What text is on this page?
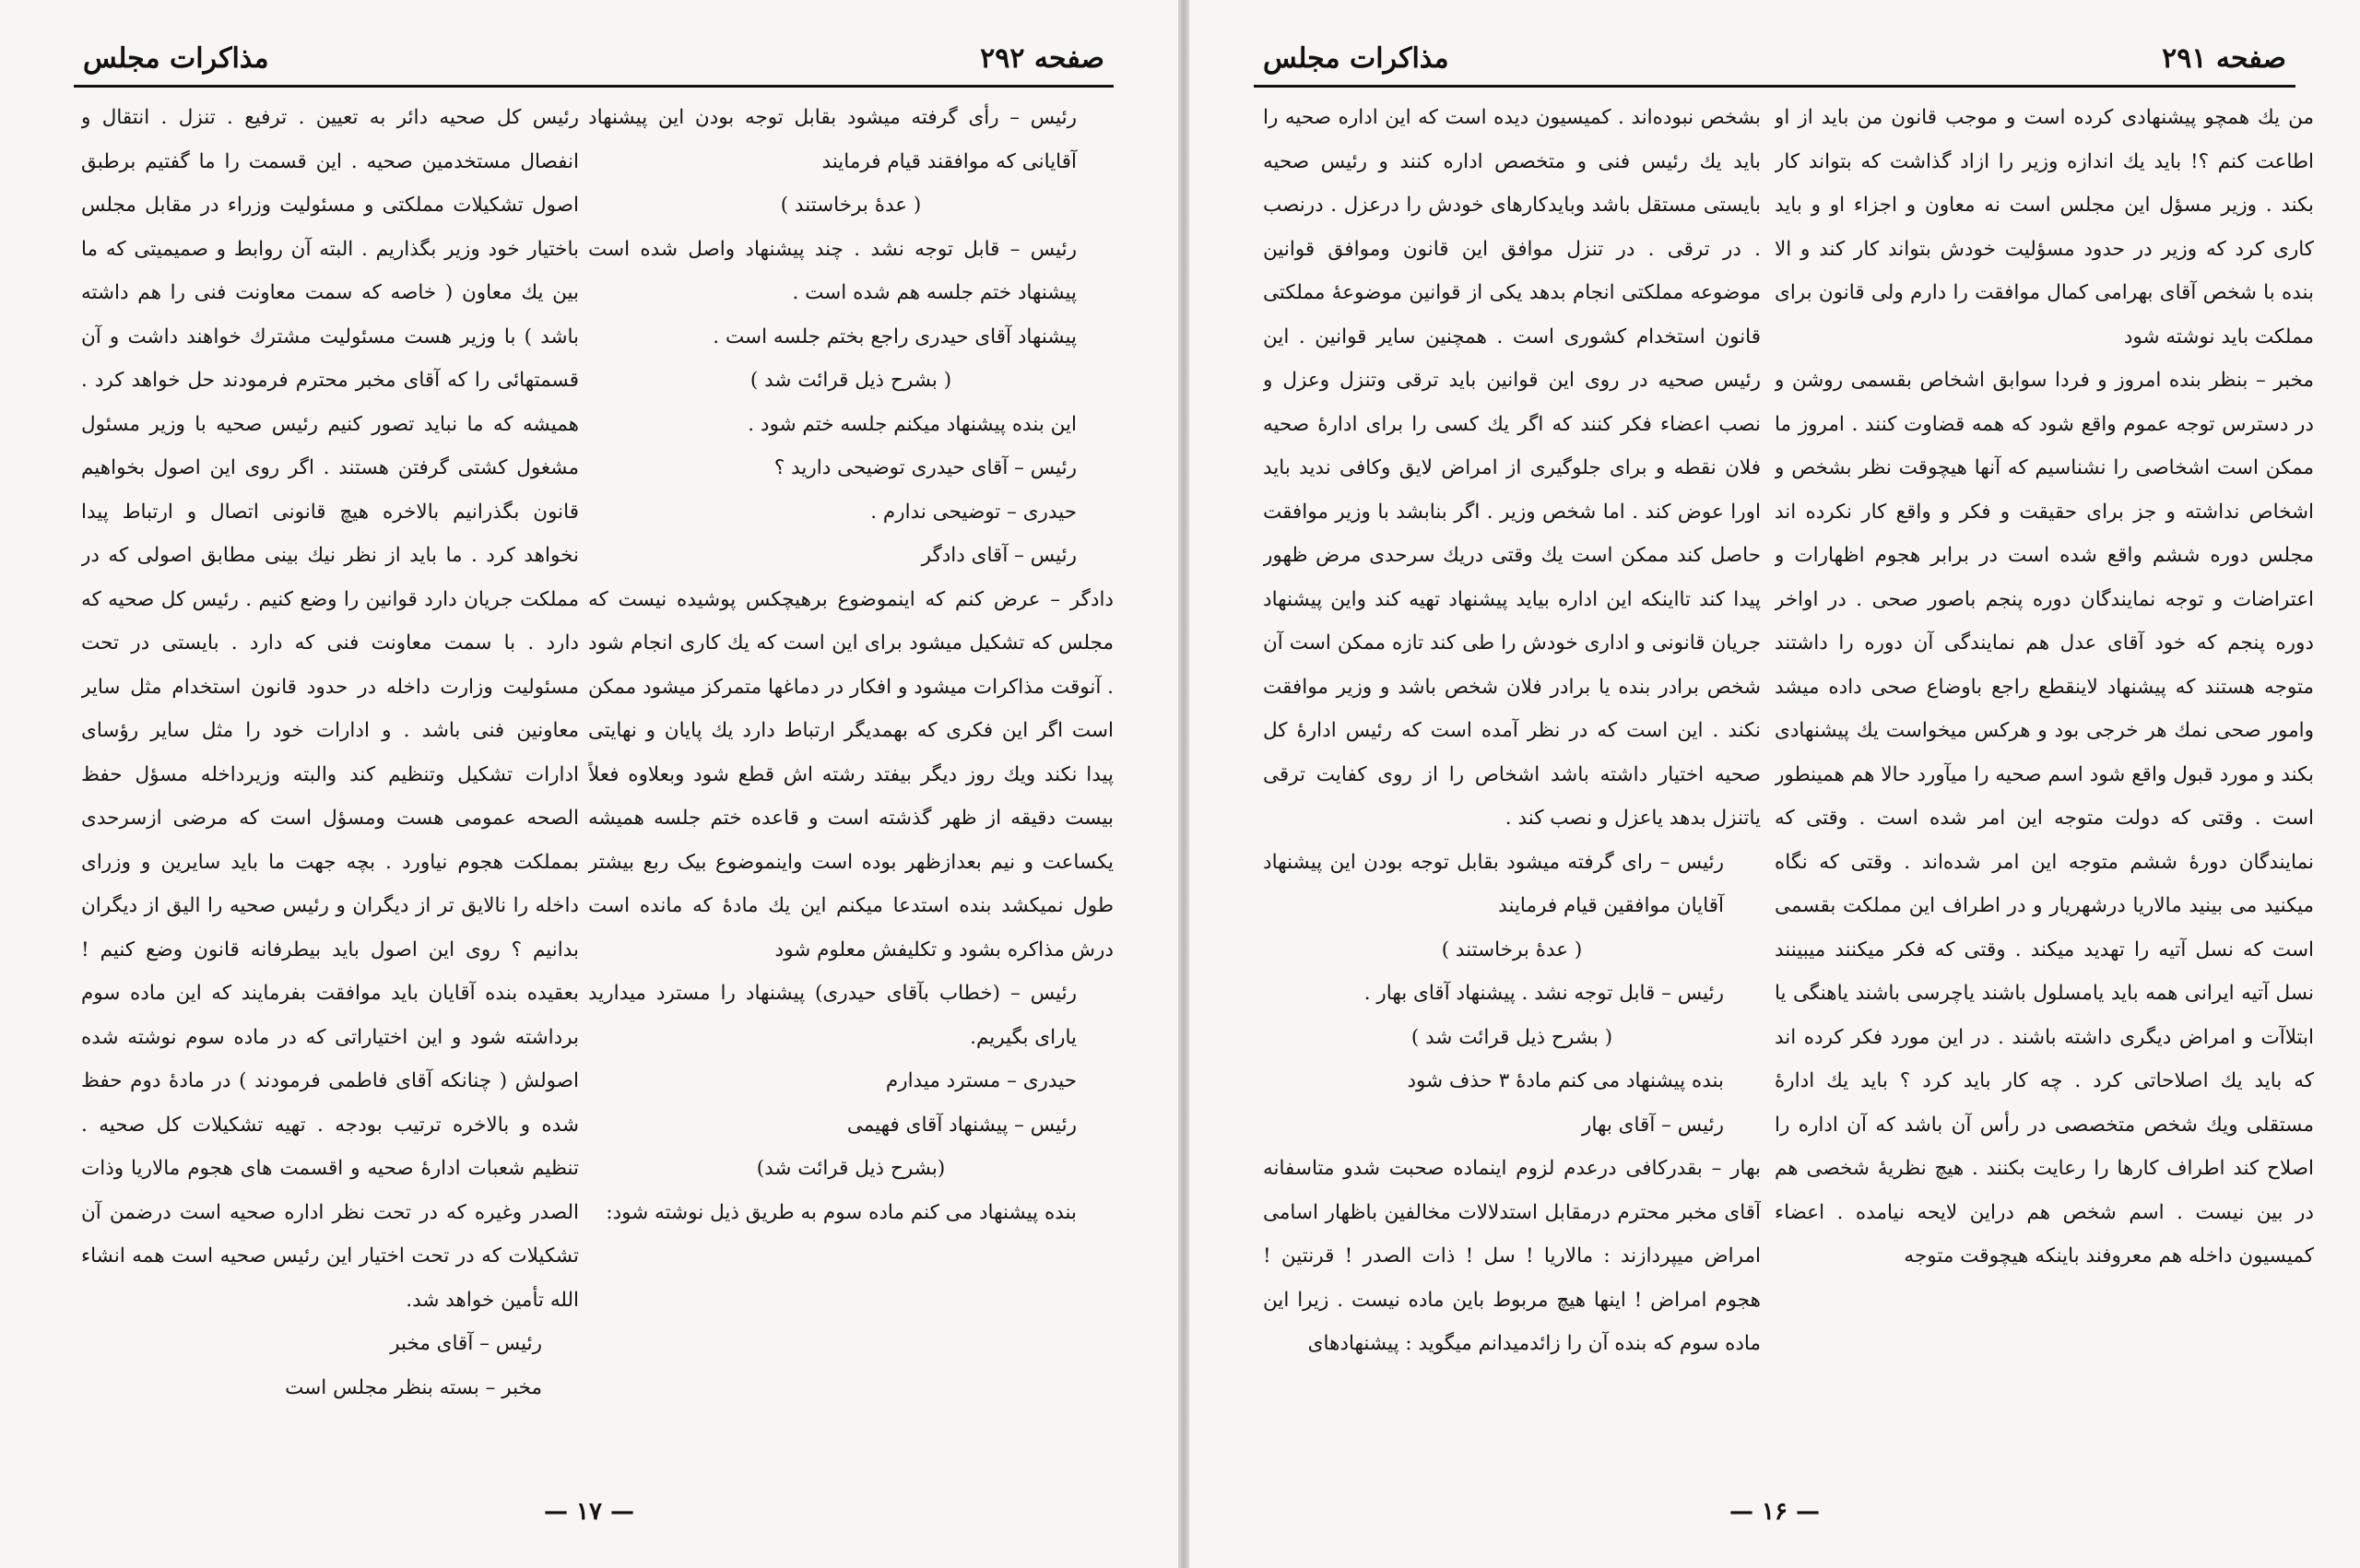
صفحه ۲۹۲
مذاکرات مجلس

رئیس کل صحیه دائر به تعیین . ترفیع . تنزل . انتقال و انفصال مستخدمین صحیه . این قسمت را ما گفتیم برطبق اصول تشکیلات مملکتی و مسئولیت وزراء در مقابل مجلس باختیار خود وزیر بگذاریم . البته آن روابط و صمیمیتی که ما بین یك معاون ( خاصه که سمت معاونت فنی را هم داشته باشد ) با وزیر هست مسئولیت مشترك خواهند داشت و آن قسمتهائی را که آقای مخبر محترم فرمودند حل خواهد کرد . همیشه که ما نباید تصور کنیم رئیس صحیه با وزیر مسئول مشغول کشتی گرفتن هستند . اگر روی این اصول بخواهیم قانون بگذرانیم بالاخره هیچ قانونی اتصال و ارتباط پیدا نخواهد کرد . ما باید از نظر نیك بینی مطابق اصولی که در مملکت جریان دارد قوانین را وضع کنیم . رئیس کل صحیه که دارد . با سمت معاونت فنی که دارد . بایستی در تحت مسئولیت وزارت داخله در حدود قانون استخدام مثل سایر معاونین فنی باشد . و ادارات خود را مثل سایر رؤسای ادارات تشکیل وتنظیم کند والبته وزیرداخله مسؤل حفظ الصحه عمومی هست ومسؤل است که مرضی ازسرحدی بمملکت هجوم نیاورد . بچه جهت ما باید سایرین و وزرای داخله را نالایق تر از دیگران و رئیس صحیه را الیق از دیگران بدانیم ؟ روی این اصول باید بیطرفانه قانون وضع کنیم ! بعقیده بنده آقایان باید موافقت بفرمایند که این ماده سوم برداشته شود و این اختیاراتی که در ماده سوم نوشته شده اصولش ( چنانکه آقای فاطمی فرمودند ) در مادهٔ دوم حفظ شده و بالاخره ترتیب بودجه . تهیه تشکیلات کل صحیه . تنظیم شعبات ادارهٔ صحیه و اقسمت های هجوم مالاریا وذات الصدر وغیره که در تحت نظر اداره صحیه است درضمن آن تشکیلات که در تحت اختیار این رئیس صحیه است همه انشاء الله تأمین خواهد شد.

رئیس – آقای مخبر

مخبر – بسته بنظر مجلس است

رئیس – رأی گرفته میشود بقابل توجه بودن این پیشنهاد آقایانی که موافقند قیام فرمایند

( عدهٔ برخاستند )

رئیس – قابل توجه نشد . چند پیشنهاد واصل شده است پیشنهاد ختم جلسه هم شده است .

پیشنهاد آقای حیدری راجع بختم جلسه است .

( بشرح ذیل قرائت شد )

این بنده پیشنهاد میکنم جلسه ختم شود .

رئیس – آقای حیدری توضیحی دارید ؟

حیدری – توضیحی ندارم .

رئیس – آقای دادگر

دادگر – عرض کنم که اینموضوع برهیچکس پوشیده نیست که مجلس که تشکیل میشود برای این است که یك کاری انجام شود . آنوقت مذاکرات میشود و افکار در دماغها متمرکز میشود ممکن است اگر این فکری که بهمدیگر ارتباط دارد یك پایان و نهایتی پیدا نکند ویك روز دیگر بیفتد رشته اش قطع شود وبعلاوه فعلاً بیست دقیقه از ظهر گذشته است و قاعده ختم جلسه همیشه یکساعت و نیم بعدازظهر بوده است واینموضوع بیک ربع بیشتر طول نمیکشد بنده استدعا میکنم این یك مادهٔ که مانده است درش مذاکره بشود و تکلیفش معلوم شود

رئیس – (خطاب بآقای حیدری) پیشنهاد را مسترد میدارید یارای بگیریم.

حیدری – مسترد میدارم

رئیس – پیشنهاد آقای فهیمی

(بشرح ذیل قرائت شد)

بنده پیشنهاد می کنم ماده سوم به طریق ذیل نوشته شود:

— ۱۷ —
صفحه ۲۹۱
مذاکرات مجلس

بشخص نبوده‌اند . کمیسیون دیده است که این اداره صحیه را باید یك رئیس فنی و متخصص اداره کنند و رئیس صحیه بایستی مستقل باشد وبایدکارهای خودش را درعزل . درنصب . در ترقی . در تنزل موافق این قانون وموافق قوانین موضوعه مملکتی انجام بدهد یکی از قوانین موضوعهٔ مملکتی قانون استخدام کشوری است . همچنین سایر قوانین . این رئیس صحیه در روی این قوانین باید ترقی وتنزل وعزل و نصب اعضاء فکر کنند که اگر یك کسی را برای ادارهٔ صحیه فلان نقطه و برای جلوگیری از امراض لایق وکافی ندید باید اورا عوض کند . اما شخص وزیر . اگر بنابشد با وزیر موافقت حاصل کند ممکن است یك وقتی دریك سرحدی مرض ظهور پیدا کند تااینکه این اداره بیاید پیشنهاد تهیه کند واین پیشنهاد جریان قانونی و اداری خودش را طی کند تازه ممکن است آن شخص برادر بنده یا برادر فلان شخص باشد و وزیر موافقت نکند . این است که در نظر آمده است که رئیس ادارهٔ کل صحیه اختیار داشته باشد اشخاص را از روی کفایت ترقی یاتنزل بدهد یاعزل و نصب کند .

رئیس – رای گرفته میشود بقابل توجه بودن این پیشنهاد آقایان موافقین قیام فرمایند

( عدهٔ برخاستند )

رئیس – قابل توجه نشد . پیشنهاد آقای بهار .

( بشرح ذیل قرائت شد )

بنده پیشنهاد می کنم مادهٔ ۳ حذف شود

رئیس – آقای بهار

بهار – بقدرکافی درعدم لزوم اینماده صحبت شدو متاسفانه آقای مخبر محترم درمقابل استدلالات مخالفین باظهار اسامی امراض میپردازند : مالاریا ! سل ! ذات الصدر ! قرنتین ! هجوم امراض ! اینها هیچ مربوط باین ماده نیست . زیرا این ماده سوم که بنده آن را زائدمیدانم میگوید : پیشنهادهای

من یك همچو پیشنهادی کرده است و موجب قانون من باید از او اطاعت کنم ؟! باید یك اندازه وزیر را ازاد گذاشت که بتواند کار بکند . وزیر مسؤل این مجلس است نه معاون و اجزاء او و باید کاری کرد که وزیر در حدود مسؤلیت خودش بتواند کار کند و الا بنده با شخص آقای بهرامی کمال موافقت را دارم ولی قانون برای مملکت باید نوشته شود

مخبر – بنظر بنده امروز و فردا سوابق اشخاص بقسمی روشن و در دسترس توجه عموم واقع شود که همه قضاوت کنند . امروز ما ممکن است اشخاصی را نشناسیم که آنها هیچوقت نظر بشخص و اشخاص نداشته و جز برای حقیقت و فکر و واقع کار نکرده اند مجلس دوره ششم واقع شده است در برابر هجوم اظهارات و اعتراضات و توجه نمایندگان دوره پنجم باصور صحی . در اواخر دوره پنجم که خود آقای عدل هم نمایندگی آن دوره را داشتند متوجه هستند که پیشنهاد لاینقطع راجع باوضاع صحی داده میشد وامور صحی نمك هر خرجی بود و هرکس میخواست یك پیشنهادی بکند و مورد قبول واقع شود اسم صحیه را میآورد حالا هم همینطور است . وقتی که دولت متوجه این امر شده است . وقتی که نمایندگان دورهٔ ششم متوجه این امر شده‌اند . وقتی که نگاه میکنید می بینید مالاریا درشهریار و در اطراف این مملکت بقسمی است که نسل آتیه را تهدید میکند . وقتی که فکر میکنند میبینند نسل آتیه ایرانی همه باید یامسلول باشند یاچرسی باشند یاهنگی یا ابتلاآت و امراض دیگری داشته باشند . در این مورد فکر کرده اند که باید یك اصلاحاتی کرد . چه کار باید کرد ؟ باید یك ادارهٔ مستقلی ویك شخص متخصصی در رأس آن باشد که آن اداره را اصلاح کند اطراف کارها را رعایت بکنند . هیچ نظریهٔ شخصی هم در بین نیست . اسم شخص هم دراین لایحه نیامده . اعضاء کمیسیون داخله هم معروفند باینکه هیچوقت متوجه

— ۱۶ —
